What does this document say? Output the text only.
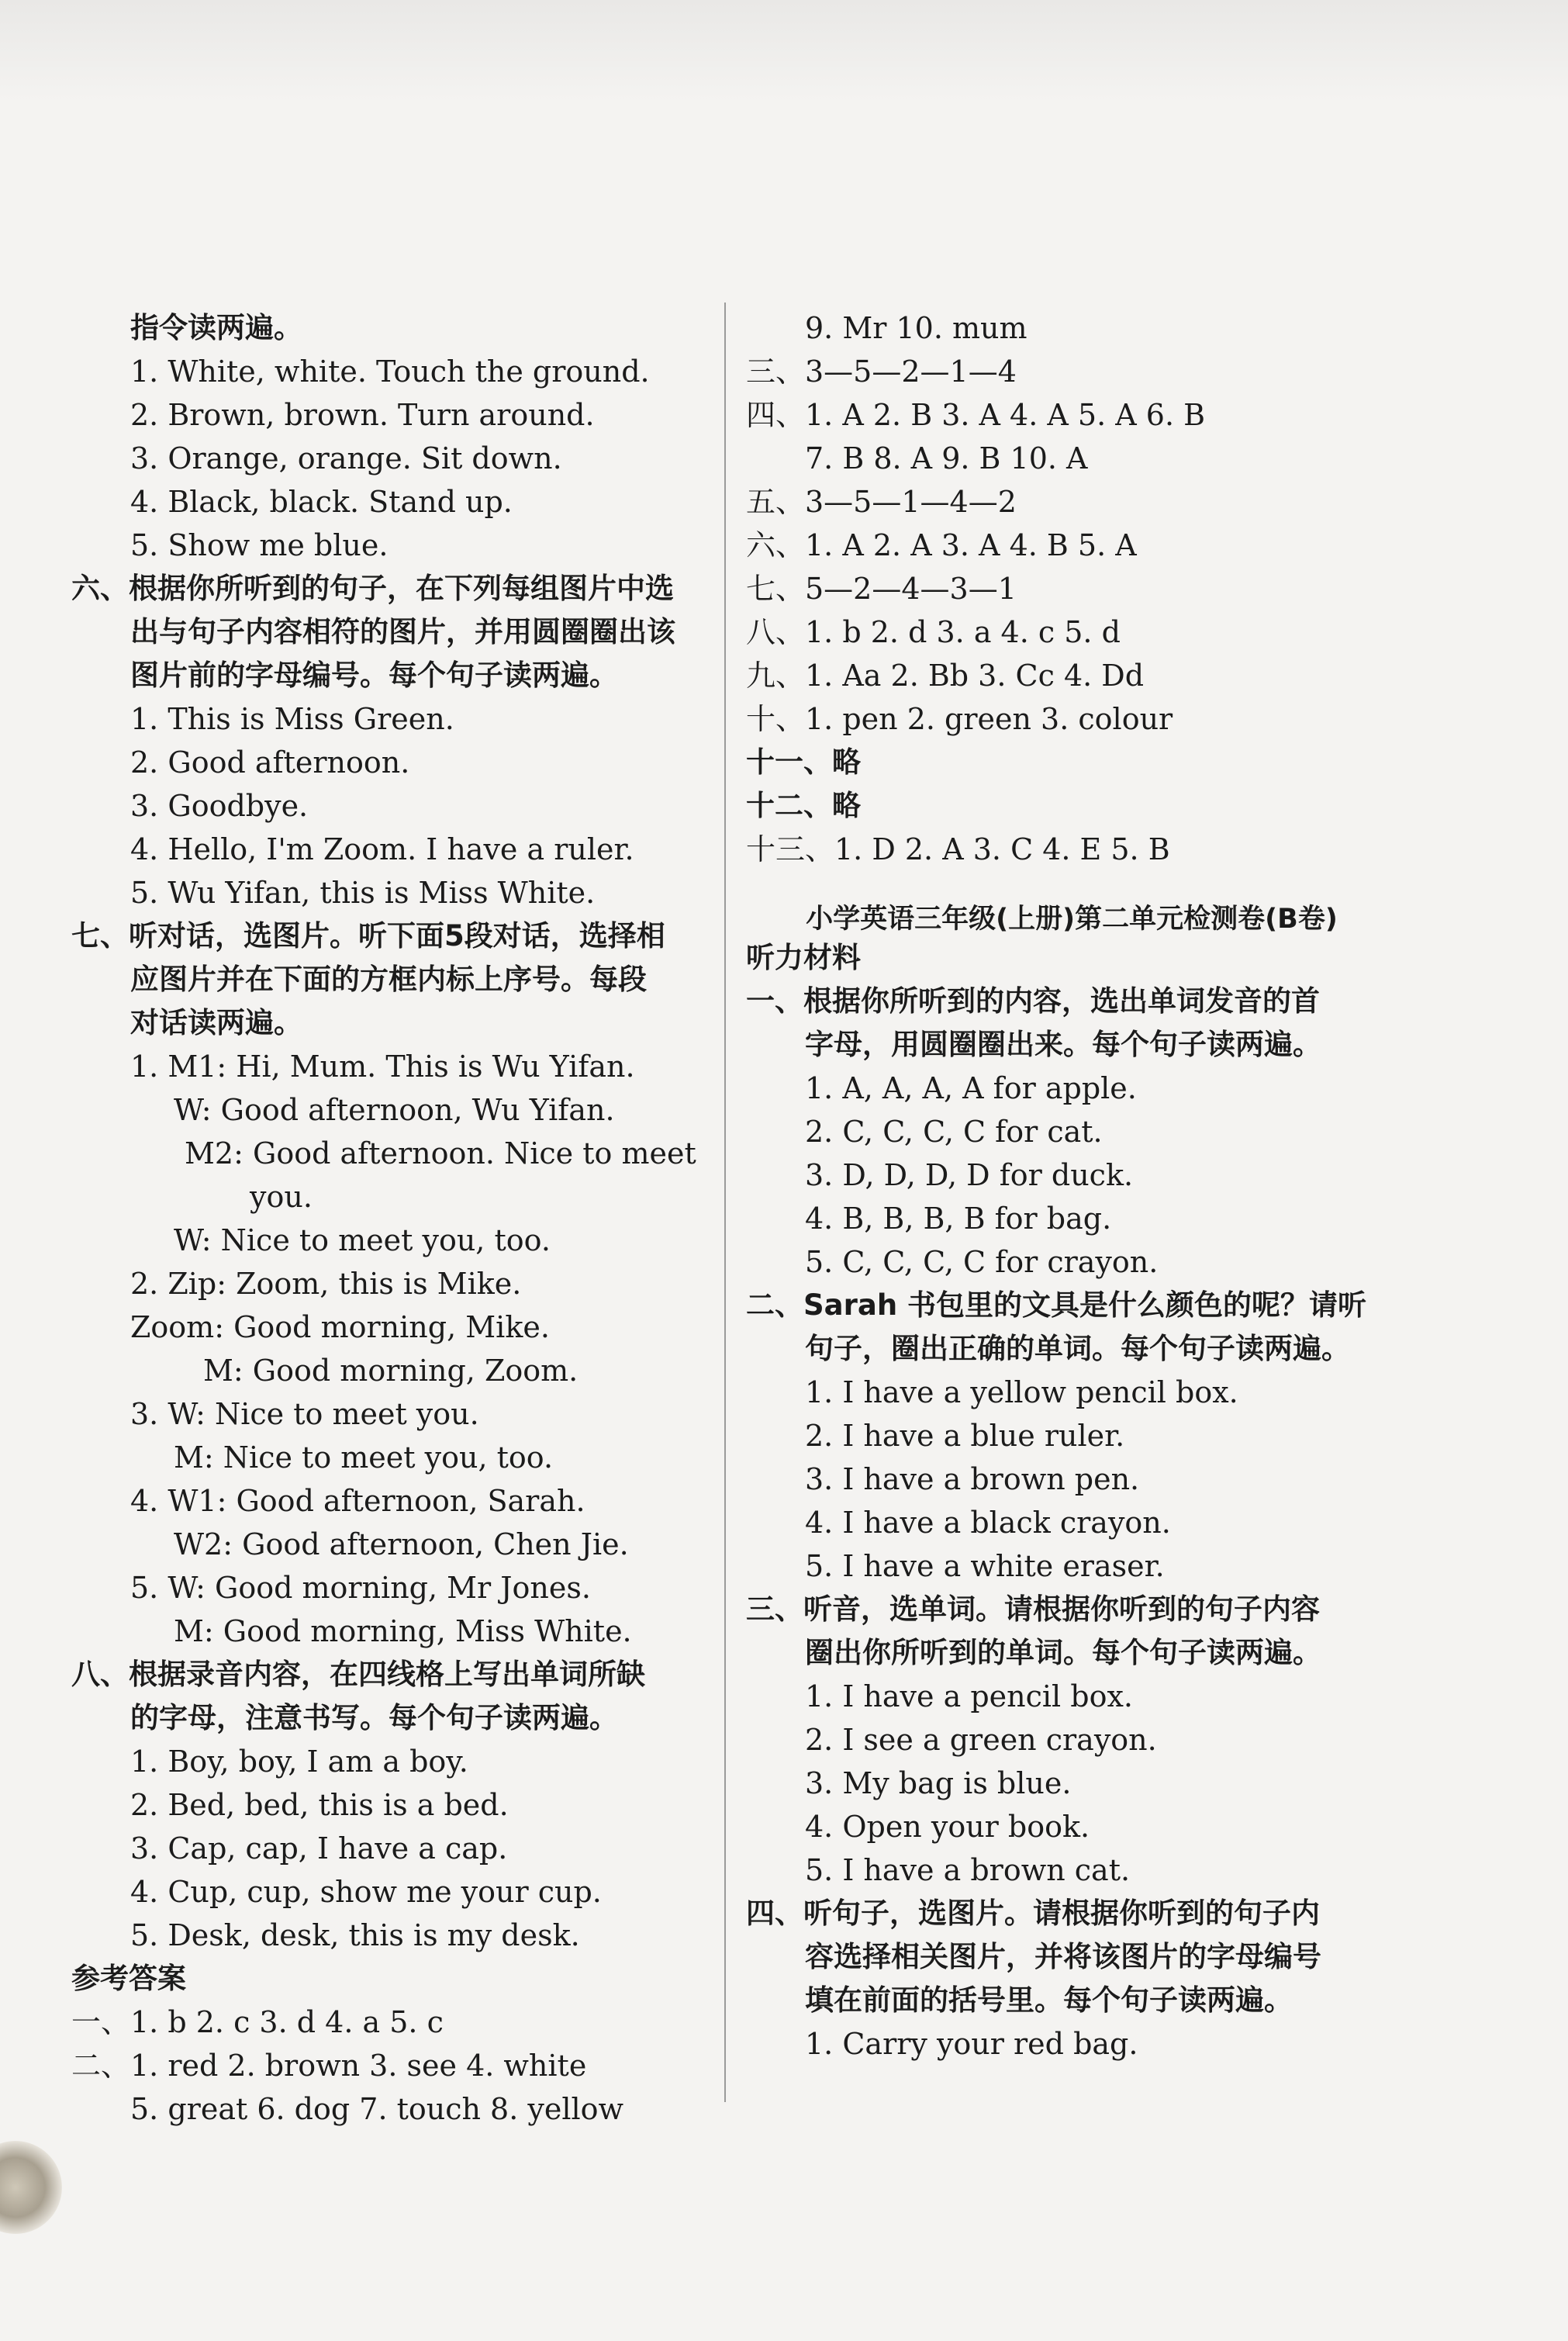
指令读两遍。
1. White, white. Touch the ground.
2. Brown, brown. Turn around.
3. Orange, orange. Sit down.
4. Black, black. Stand up.
5. Show me blue.
六、根据你所听到的句子，在下列每组图片中选
出与句子内容相符的图片，并用圆圈圈出该
图片前的字母编号。每个句子读两遍。
1. This is Miss Green.
2. Good afternoon.
3. Goodbye.
4. Hello, I'm Zoom. I have a ruler.
5. Wu Yifan, this is Miss White.
七、听对话，选图片。听下面5段对话，选择相
应图片并在下面的方框内标上序号。每段
对话读两遍。
1. M1: Hi, Mum. This is Wu Yifan.
W: Good afternoon, Wu Yifan.
M2: Good afternoon. Nice to meet
you.
W: Nice to meet you, too.
2. Zip: Zoom, this is Mike.
Zoom: Good morning, Mike.
M: Good morning, Zoom.
3. W: Nice to meet you.
M: Nice to meet you, too.
4. W1: Good afternoon, Sarah.
W2: Good afternoon, Chen Jie.
5. W: Good morning, Mr Jones.
M: Good morning, Miss White.
八、根据录音内容，在四线格上写出单词所缺
的字母，注意书写。每个句子读两遍。
1. Boy, boy, I am a boy.
2. Bed, bed, this is a bed.
3. Cap, cap, I have a cap.
4. Cup, cup, show me your cup.
5. Desk, desk, this is my desk.
参考答案
一、1. b 2. c 3. d 4. a 5. c
二、1. red 2. brown 3. see 4. white
5. great 6. dog 7. touch 8. yellow
9. Mr 10. mum
三、3—5—2—1—4
四、1. A 2. B 3. A 4. A 5. A 6. B
7. B 8. A 9. B 10. A
五、3—5—1—4—2
六、1. A 2. A 3. A 4. B 5. A
七、5—2—4—3—1
八、1. b 2. d 3. a 4. c 5. d
九、1. Aa 2. Bb 3. Cc 4. Dd
十、1. pen 2. green 3. colour
十一、略
十二、略
十三、1. D 2. A 3. C 4. E 5. B
小学英语三年级(上册)第二单元检测卷(B卷)
听力材料
一、根据你所听到的内容，选出单词发音的首
字母，用圆圈圈出来。每个句子读两遍。
1. A, A, A, A for apple.
2. C, C, C, C for cat.
3. D, D, D, D for duck.
4. B, B, B, B for bag.
5. C, C, C, C for crayon.
二、Sarah 书包里的文具是什么颜色的呢？请听
句子，圈出正确的单词。每个句子读两遍。
1. I have a yellow pencil box.
2. I have a blue ruler.
3. I have a brown pen.
4. I have a black crayon.
5. I have a white eraser.
三、听音，选单词。请根据你听到的句子内容
圈出你所听到的单词。每个句子读两遍。
1. I have a pencil box.
2. I see a green crayon.
3. My bag is blue.
4. Open your book.
5. I have a brown cat.
四、听句子，选图片。请根据你听到的句子内
容选择相关图片，并将该图片的字母编号
填在前面的括号里。每个句子读两遍。
1. Carry your red bag.
